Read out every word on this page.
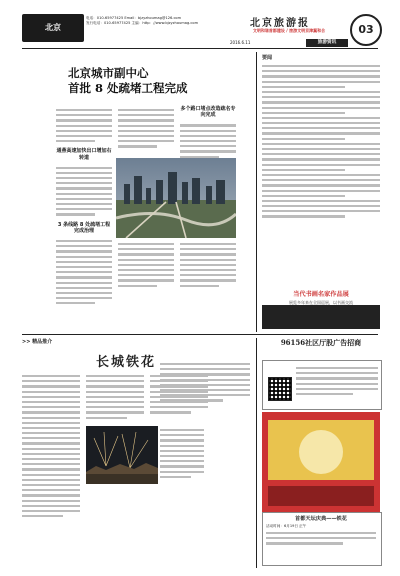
北京
电话：010-65977425 Email：bjzyzhoumag@126.com
发行电话：010-65977425 主编：http：//www.bjzyzhoumag.com	北京旅游报
文明和谐首都建设 / 旅游文明京津冀和合	03
2016.6.11	旅游资讯
北京城市副中心
首批 8 处疏堵工程完成
通燕高速加快出口增加右转道
3 条线路 8 处疏堵工程完成治理
多个路口堵点改造疏名专向完成
要闻
当代书画名家作品展
展览多年来在全国巡展，以书画交流
>> 精品推介
长城铁花
96156社区厅股广告招商
首都天坛庆典——铁花
活动时间：6月19日 正午
